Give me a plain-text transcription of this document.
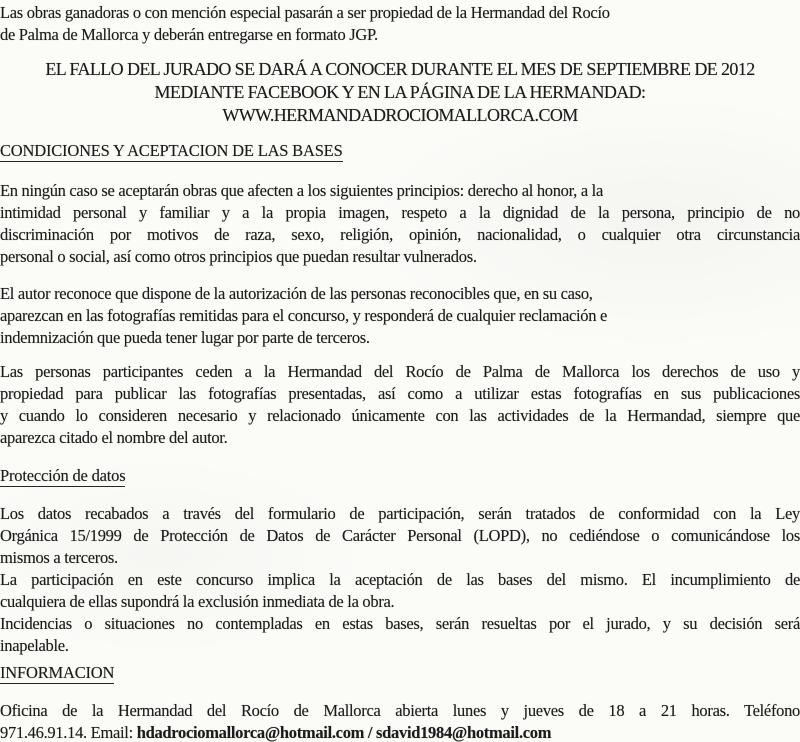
Las obras ganadoras o con mención especial pasarán a ser propiedad de la Hermandad del Rocío
de Palma de Mallorca y deberán entregarse en formato JGP.
EL FALLO DEL JURADO SE DARÁ A CONOCER DURANTE EL MES DE SEPTIEMBRE DE 2012
MEDIANTE FACEBOOK Y EN LA PÁGINA DE LA HERMANDAD:
WWW.HERMANDADROCIOMALLORCA.COM
CONDICIONES Y ACEPTACION DE LAS BASES
En ningún caso se aceptarán obras que afecten a los siguientes principios: derecho al honor, a la
intimidad personal y familiar y a la propia imagen, respeto a la dignidad de la persona, principio de no
discriminación por motivos de raza, sexo, religión, opinión, nacionalidad, o cualquier otra circunstancia
personal o social, así como otros principios que puedan resultar vulnerados.
El autor reconoce que dispone de la autorización de las personas reconocibles que, en su caso,
aparezcan en las fotografías remitidas para el concurso, y responderá de cualquier reclamación e
indemnización que pueda tener lugar por parte de terceros.
Las personas participantes ceden a la Hermandad del Rocío de Palma de Mallorca los derechos de uso y
propiedad para publicar las fotografías presentadas, así como a utilizar estas fotografías en sus publicaciones
y cuando lo consideren necesario y relacionado únicamente con las actividades de la Hermandad, siempre que
aparezca citado el nombre del autor.
Protección de datos
Los datos recabados a través del formulario de participación, serán tratados de conformidad con la Ley
Orgánica 15/1999 de Protección de Datos de Carácter Personal (LOPD), no cediéndose o comunicándose los
mismos a terceros.
La participación en este concurso implica la aceptación de las bases del mismo. El incumplimiento de
cualquiera de ellas supondrá la exclusión inmediata de la obra.
Incidencias o situaciones no contempladas en estas bases, serán resueltas por el jurado, y su decisión será
inapelable.
INFORMACION
Oficina de la Hermandad del Rocío de Mallorca abierta lunes y jueves de 18 a 21 horas. Teléfono
971.46.91.14. Email: hdadrociomallorca@hotmail.com / sdavid1984@hotmail.com
